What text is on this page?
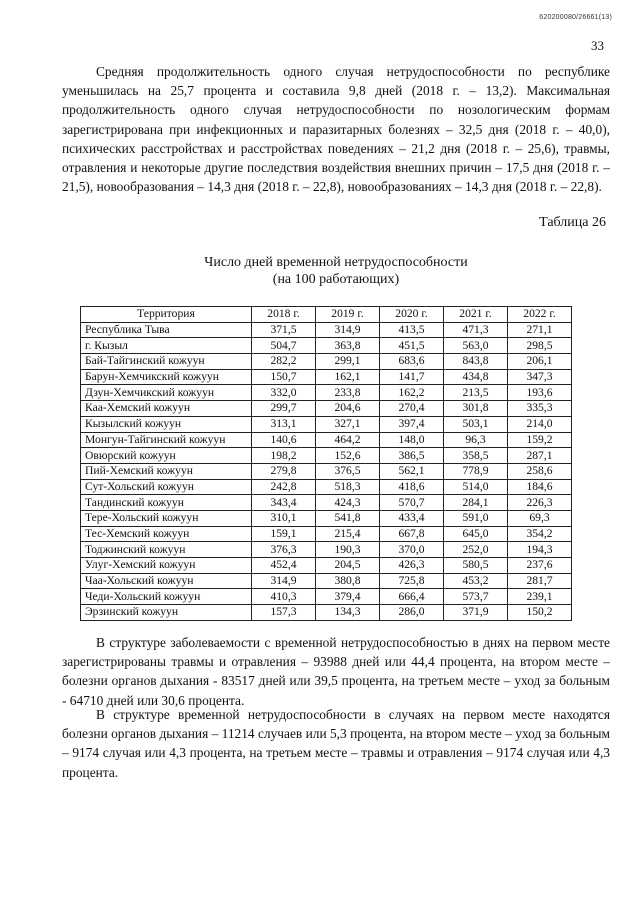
620200080/26661(13)
33

Средняя продолжительность одного случая нетрудоспособности по республике уменьшилась на 25,7 процента и составила 9,8 дней (2018 г. – 13,2). Максимальная продолжительность одного случая нетрудоспособности по нозологическим формам зарегистрирована при инфекционных и паразитарных болезнях – 32,5 дня (2018 г. – 40,0), психических расстройствах и расстройствах поведениях – 21,2 дня (2018 г. – 25,6), травмы, отравления и некоторые другие последствия воздействия внешних причин – 17,5 дня (2018 г. – 21,5), новообразования – 14,3 дня (2018 г. – 22,8), новообразованиях – 14,3 дня (2018 г. – 22,8).

Таблица 26
Число дней временной нетрудоспособности
(на 100 работающих)
Территория	2018 г.	2019 г.	2020 г.	2021 г.	2022 г.
Республика Тыва	371,5	314,9	413,5	471,3	271,1
г. Кызыл	504,7	363,8	451,5	563,0	298,5
Бай-Тайгинский кожуун	282,2	299,1	683,6	843,8	206,1
Барун-Хемчикский кожуун	150,7	162,1	141,7	434,8	347,3
Дзун-Хемчикский кожуун	332,0	233,8	162,2	213,5	193,6
Каа-Хемский кожуун	299,7	204,6	270,4	301,8	335,3
Кызылский кожуун	313,1	327,1	397,4	503,1	214,0
Монгун-Тайгинский кожуун	140,6	464,2	148,0	96,3	159,2
Овюрский кожуун	198,2	152,6	386,5	358,5	287,1
Пий-Хемский кожуун	279,8	376,5	562,1	778,9	258,6
Сут-Хольский кожуун	242,8	518,3	418,6	514,0	184,6
Тандинский кожуун	343,4	424,3	570,7	284,1	226,3
Тере-Хольский кожуун	310,1	541,8	433,4	591,0	69,3
Тес-Хемский кожуун	159,1	215,4	667,8	645,0	354,2
Тоджинский кожуун	376,3	190,3	370,0	252,0	194,3
Улуг-Хемский кожуун	452,4	204,5	426,3	580,5	237,6
Чаа-Хольский кожуун	314,9	380,8	725,8	453,2	281,7
Чеди-Хольский кожуун	410,3	379,4	666,4	573,7	239,1
Эрзинский кожуун	157,3	134,3	286,0	371,9	150,2

В структуре заболеваемости с временной нетрудоспособностью в днях на первом месте зарегистрированы травмы и отравления – 93988 дней или 44,4 процента, на втором месте – болезни органов дыхания - 83517 дней или 39,5 процента, на третьем месте – уход за больным - 64710 дней или 30,6 процента.

В структуре временной нетрудоспособности в случаях на первом месте находятся болезни органов дыхания – 11214 случаев или 5,3 процента, на втором месте – уход за больным – 9174 случая или 4,3 процента, на третьем месте – травмы и отравления – 9174 случая или 4,3 процента.
